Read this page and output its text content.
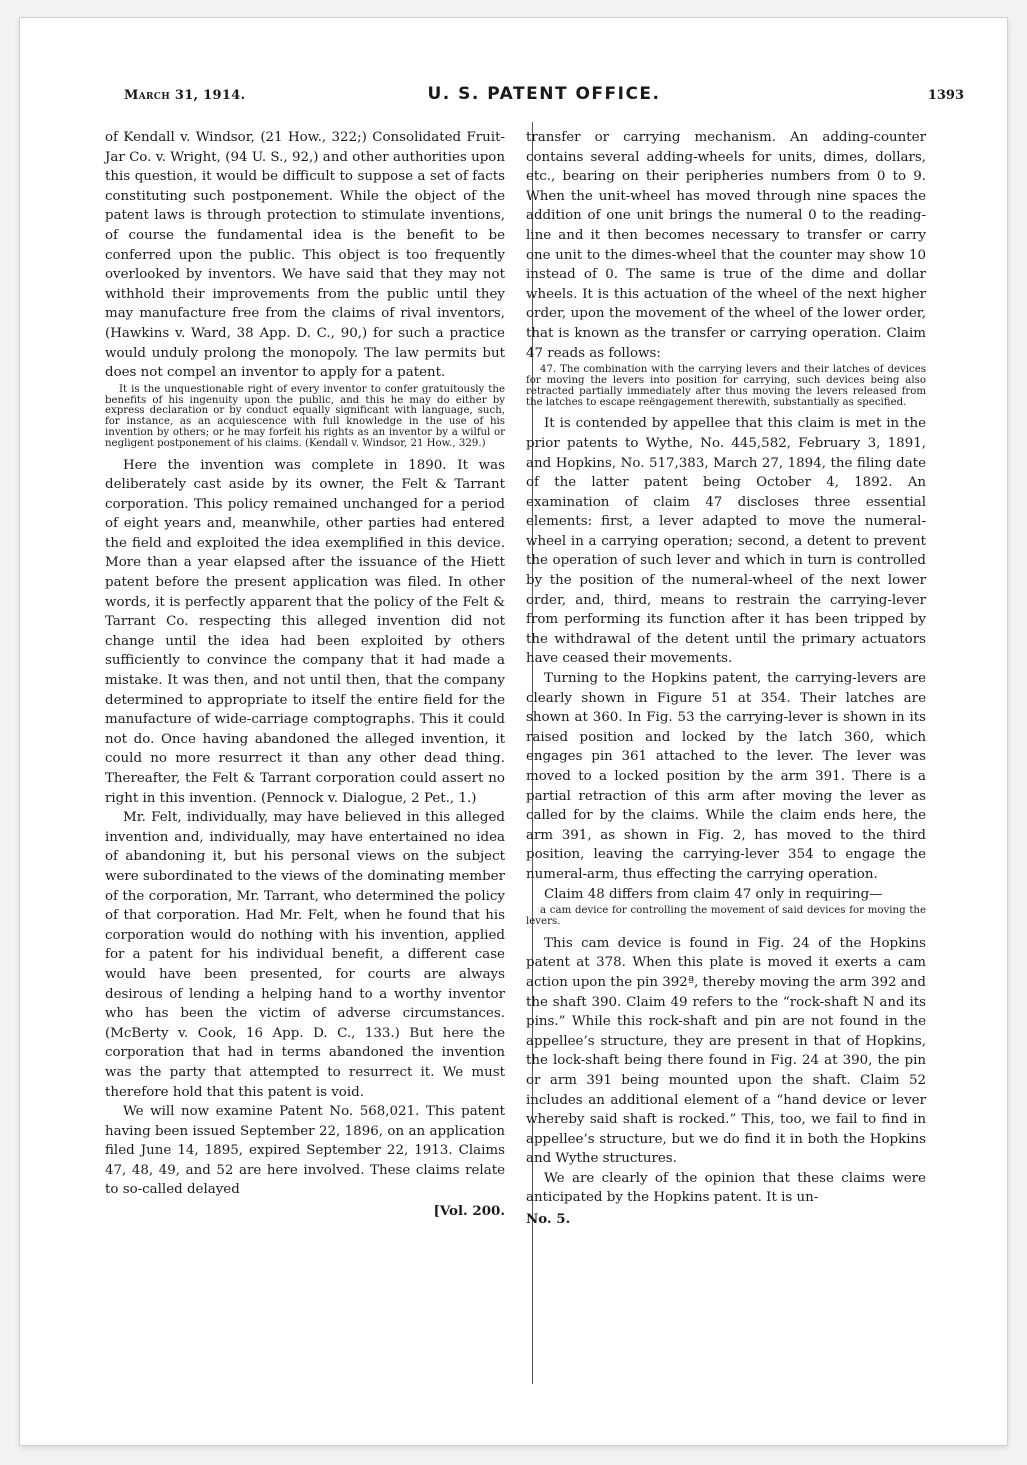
March 31, 1914.	U. S. PATENT OFFICE.	1393

of Kendall v. Windsor, (21 How., 322;) Consolidated Fruit-Jar Co. v. Wright, (94 U. S., 92,) and other authorities upon this question, it would be difficult to suppose a set of facts constituting such postponement. While the object of the patent laws is through protection to stimulate inventions, of course the fundamental idea is the benefit to be conferred upon the public. This object is too frequently overlooked by inventors. We have said that they may not withhold their improvements from the public until they may manufacture free from the claims of rival inventors, (Hawkins v. Ward, 38 App. D. C., 90,) for such a practice would unduly prolong the monopoly. The law permits but does not compel an inventor to apply for a patent.

It is the unquestionable right of every inventor to confer gratuitously the benefits of his ingenuity upon the public, and this he may do either by express declaration or by conduct equally significant with language, such, for instance, as an acquiescence with full knowledge in the use of his invention by others; or he may forfeit his rights as an inventor by a wilful or negligent postponement of his claims. (Kendall v. Windsor, 21 How., 329.)

Here the invention was complete in 1890. It was deliberately cast aside by its owner, the Felt & Tarrant corporation. This policy remained unchanged for a period of eight years and, meanwhile, other parties had entered the field and exploited the idea exemplified in this device. More than a year elapsed after the issuance of the Hiett patent before the present application was filed. In other words, it is perfectly apparent that the policy of the Felt & Tarrant Co. respecting this alleged invention did not change until the idea had been exploited by others sufficiently to convince the company that it had made a mistake. It was then, and not until then, that the company determined to appropriate to itself the entire field for the manufacture of wide-carriage comptographs. This it could not do. Once having abandoned the alleged invention, it could no more resurrect it than any other dead thing. Thereafter, the Felt & Tarrant corporation could assert no right in this invention. (Pennock v. Dialogue, 2 Pet., 1.)

Mr. Felt, individually, may have believed in this alleged invention and, individually, may have entertained no idea of abandoning it, but his personal views on the subject were subordinated to the views of the dominating member of the corporation, Mr. Tarrant, who determined the policy of that corporation. Had Mr. Felt, when he found that his corporation would do nothing with his invention, applied for a patent for his individual benefit, a different case would have been presented, for courts are always desirous of lending a helping hand to a worthy inventor who has been the victim of adverse circumstances. (McBerty v. Cook, 16 App. D. C., 133.) But here the corporation that had in terms abandoned the invention was the party that attempted to resurrect it. We must therefore hold that this patent is void.

We will now examine Patent No. 568,021. This patent having been issued September 22, 1896, on an application filed June 14, 1895, expired September 22, 1913. Claims 47, 48, 49, and 52 are here involved. These claims relate to so-called delayed

[Vol. 200.

transfer or carrying mechanism. An adding-counter contains several adding-wheels for units, dimes, dollars, etc., bearing on their peripheries numbers from 0 to 9. When the unit-wheel has moved through nine spaces the addition of one unit brings the numeral 0 to the reading-line and it then becomes necessary to transfer or carry one unit to the dimes-wheel that the counter may show 10 instead of 0. The same is true of the dime and dollar wheels. It is this actuation of the wheel of the next higher order, upon the movement of the wheel of the lower order, that is known as the transfer or carrying operation. Claim 47 reads as follows:

47. The combination with the carrying levers and their latches of devices for moving the levers into position for carrying, such devices being also retracted partially immediately after thus moving the levers released from the latches to escape reëngagement therewith, substantially as specified.

It is contended by appellee that this claim is met in the prior patents to Wythe, No. 445,582, February 3, 1891, and Hopkins, No. 517,383, March 27, 1894, the filing date of the latter patent being October 4, 1892. An examination of claim 47 discloses three essential elements: first, a lever adapted to move the numeral-wheel in a carrying operation; second, a detent to prevent the operation of such lever and which in turn is controlled by the position of the numeral-wheel of the next lower order, and, third, means to restrain the carrying-lever from performing its function after it has been tripped by the withdrawal of the detent until the primary actuators have ceased their movements.

Turning to the Hopkins patent, the carrying-levers are clearly shown in Figure 51 at 354. Their latches are shown at 360. In Fig. 53 the carrying-lever is shown in its raised position and locked by the latch 360, which engages pin 361 attached to the lever. The lever was moved to a locked position by the arm 391. There is a partial retraction of this arm after moving the lever as called for by the claims. While the claim ends here, the arm 391, as shown in Fig. 2, has moved to the third position, leaving the carrying-lever 354 to engage the numeral-arm, thus effecting the carrying operation.

Claim 48 differs from claim 47 only in requiring—

a cam device for controlling the movement of said devices for moving the levers.

This cam device is found in Fig. 24 of the Hopkins patent at 378. When this plate is moved it exerts a cam action upon the pin 392ª, thereby moving the arm 392 and the shaft 390. Claim 49 refers to the “rock-shaft N and its pins.” While this rock-shaft and pin are not found in the appellee’s structure, they are present in that of Hopkins, the lock-shaft being there found in Fig. 24 at 390, the pin or arm 391 being mounted upon the shaft. Claim 52 includes an additional element of a “hand device or lever whereby said shaft is rocked.” This, too, we fail to find in appellee’s structure, but we do find it in both the Hopkins and Wythe structures.

We are clearly of the opinion that these claims were anticipated by the Hopkins patent. It is un-

No. 5.
